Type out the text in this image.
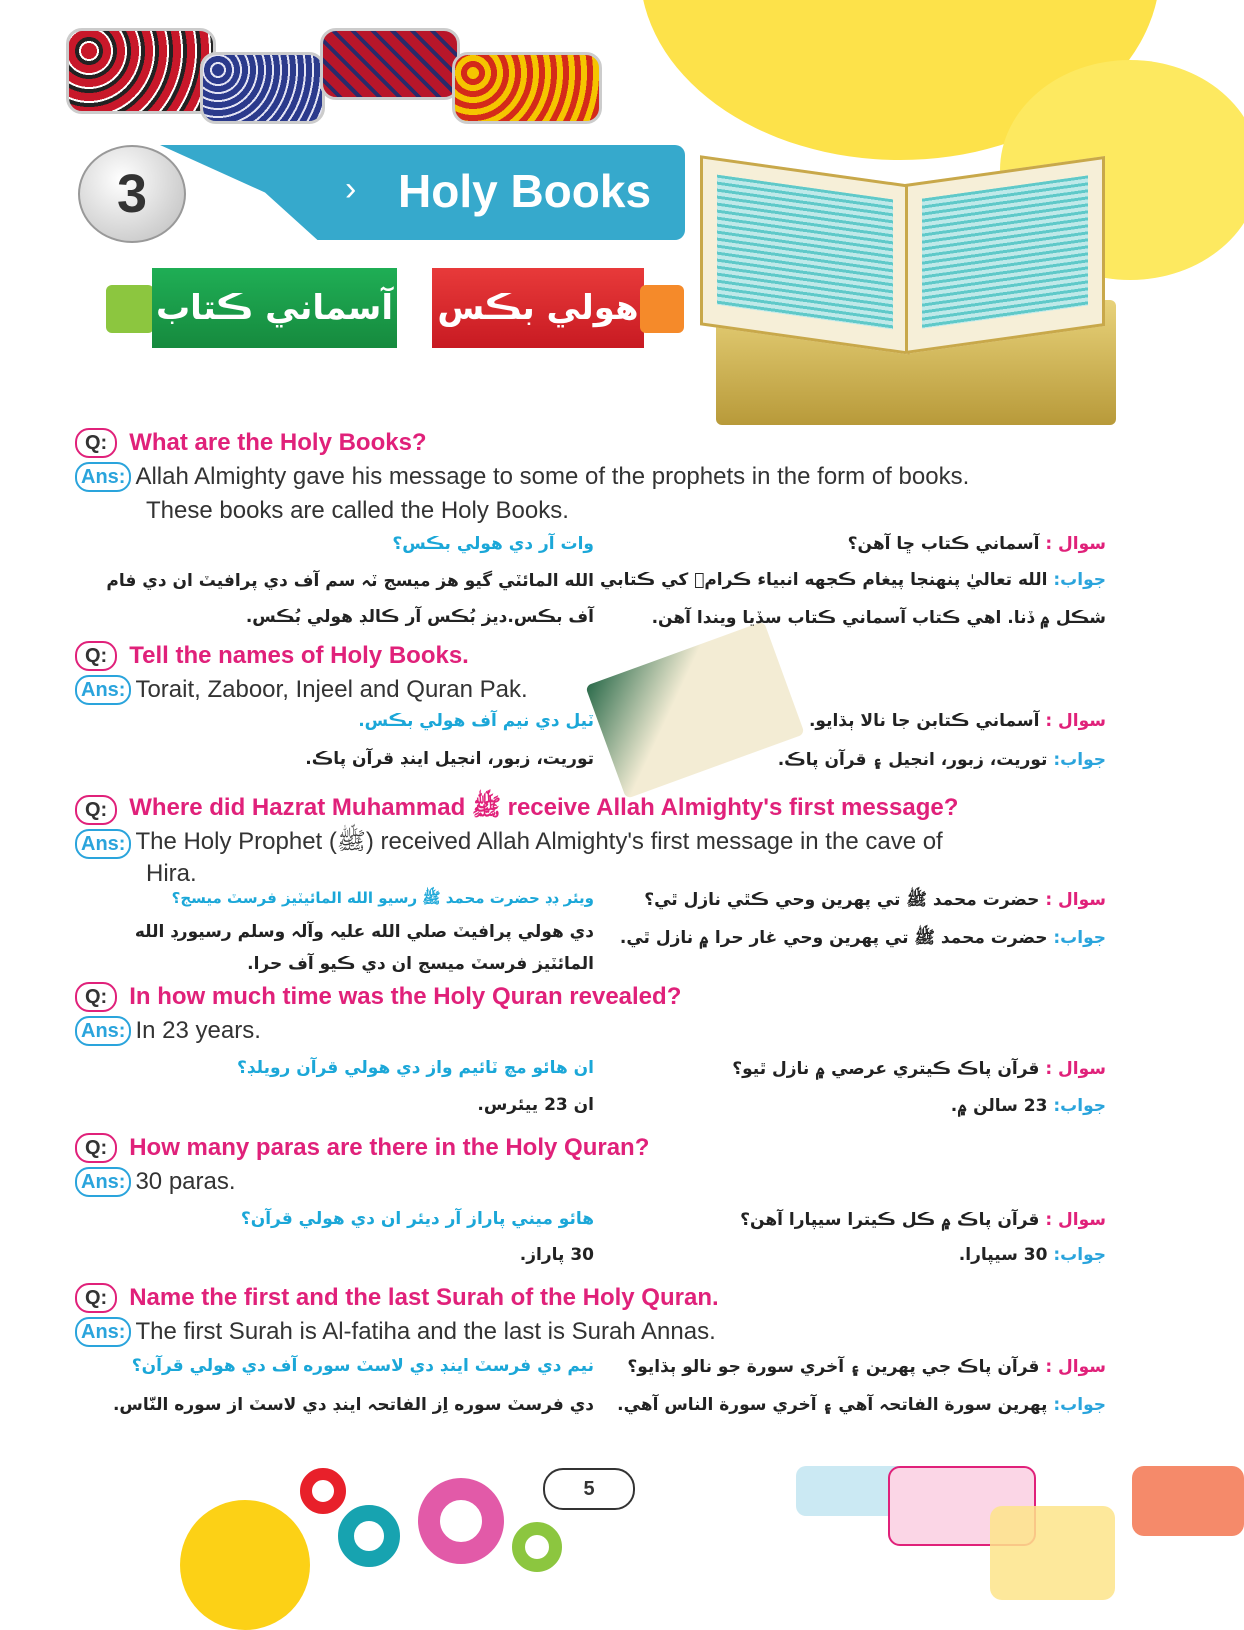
3	› Holy Books
آسماني ڪتاب هولي بڪس
Q: What are the Holy Books?
Ans: Allah Almighty gave his message to some of the prophets in the form of books.
These books are called the Holy Books.
سوال : آسماني ڪتاب ڇا آهن؟
جواب: الله تعاليٰ پنهنجا پيغام ڪجهه انبياء ڪرامؑ کي ڪتابي
شڪل ۾ ڏنا. اهي ڪتاب آسماني ڪتاب سڏيا ويندا آهن.
وات آر دي هولي بڪس؟
الله المائٽي گيو هز ميسج ٽہ سم آف دي پرافيٽ ان دي فام
آف بڪس.ديز بُڪس آر ڪالڊ هولي بُڪس.
Q: Tell the names of Holy Books.
Ans: Torait, Zaboor, Injeel and Quran Pak.
سوال : آسماني ڪتابن جا نالا ٻڌايو.
جواب: توريت، زبور، انجيل ۽ قرآن پاڪ.
ٽيل دي نيم آف هولي بڪس.
توريت، زبور، انجيل اينڊ قرآن پاڪ.
Q: Where did Hazrat Muhammad ﷺ receive Allah Almighty's first message?
Ans: The Holy Prophet (ﷺ) received Allah Almighty's first message in the cave of
Hira.
سوال : حضرت محمد ﷺ تي پهرين وحي ڪٿي نازل ٿي؟
جواب: حضرت محمد ﷺ تي پهرين وحي غار حرا ۾ نازل ٿي.
ويئر ڊڊ حضرت محمد ﷺ رسيو الله المائيٽيز فرسٽ ميسج؟
دي هولي پرافيٽ صلي الله عليہ وآلہ وسلم رسيورڊ الله
المائٽيز فرسٽ ميسج ان دي ڪيو آف حرا.
Q: In how much time was the Holy Quran revealed?
Ans: In 23 years.
سوال : قرآن پاڪ ڪيتري عرصي ۾ نازل ٿيو؟
جواب: 23 سالن ۾.
ان هائو مچ ٽائيم واز دي هولي قرآن رويلڊ؟
ان 23 ييئرس.
Q: How many paras are there in the Holy Quran?
Ans: 30 paras.
سوال : قرآن پاڪ ۾ ڪل ڪيترا سيپارا آهن؟
جواب: 30 سيپارا.
هائو ميني پاراز آر ديئر ان دي هولي قرآن؟
30 پاراز.
Q: Name the first and the last Surah of the Holy Quran.
Ans: The first Surah is Al-fatiha and the last is Surah Annas.
سوال : قرآن پاڪ جي پهرين ۽ آخري سورة جو نالو ٻڌايو؟
جواب: پهرين سورة الفاتحہ آهي ۽ آخري سورة الناس آهي.
نيم دي فرسٽ اينڊ دي لاسٽ سوره آف دي هولي قرآن؟
دي فرسٽ سوره اِز الفاتحہ اينڊ دي لاسٽ از سوره النّاس.
5
